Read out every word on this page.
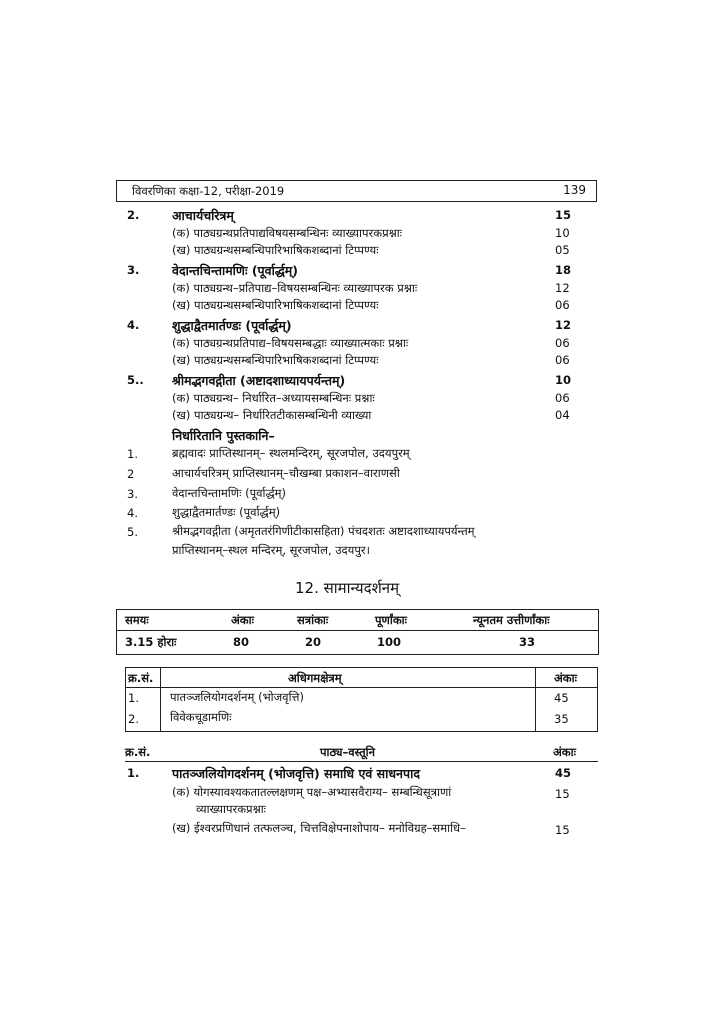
विवरणिका कक्षा-12, परीक्षा-2019	139
2.	आचार्यचरित्रम्	15
(क) पाठ्यग्रन्थप्रतिपाद्यविषयसम्बन्धिनः व्याख्यापरकप्रश्नाः	10
(ख) पाठ्यग्रन्थसम्बन्धिपारिभाषिकशब्दानां टिप्पण्यः	05
3.	वेदान्तचिन्तामणिः (पूर्वार्द्धम्)	18
(क) पाठ्यग्रन्थ–प्रतिपाद्य–विषयसम्बन्धिनः व्याख्यापरक प्रश्नाः	12
(ख) पाठ्यग्रन्थसम्बन्धिपारिभाषिकशब्दानां टिप्पण्यः	06
4.	शुद्धाद्वैतमार्तण्डः (पूर्वार्द्धम्)	12
(क) पाठ्यग्रन्थप्रतिपाद्य–विषयसम्बद्धाः व्याख्यात्मकाः प्रश्नाः	06
(ख) पाठ्यग्रन्थसम्बन्धिपारिभाषिकशब्दानां टिप्पण्यः	06
5.. श्रीमद्भगवद्गीता (अष्टादशाध्यायपर्यन्तम्)	10
(क) पाठ्यग्रन्थ– निर्धारित–अध्यायसम्बन्धिनः प्रश्नाः	06
(ख) पाठ्यग्रन्थ– निर्धारितटीकासम्बन्धिनी व्याख्या	04
निर्धारितानि पुस्तकानि–
1.	ब्रह्मवादः प्राप्तिस्थानम्– स्थलमन्दिरम्, सूरजपोल, उदयपुरम्
2	आचार्यचरित्रम् प्राप्तिस्थानम्–चौखम्बा प्रकाशन–वाराणसी
3.	वेदान्तचिन्तामणिः (पूर्वार्द्धम्)
4.	शुद्धाद्वैतमार्तण्डः (पूर्वार्द्धम्)
5.	श्रीमद्भगवद्गीता (अमृततरंगिणीटीकासहिता) पंचदशतः अष्टादशाध्यायपर्यन्तम्
प्राप्तिस्थानम्–स्थल मन्दिरम्, सूरजपोल, उदयपुर।
12. सामान्यदर्शनम्
समयः	अंकाः	सत्रांकाः	पूर्णांकाः	न्यूनतम उत्तीर्णांकाः
3.15 होराः	80	20	100	33
क्र.सं.	अधिगमक्षेत्रम्	अंकाः
1.	पातञ्जलियोगदर्शनम् (भोजवृत्ति)	45
2.	विवेकचूडामणिः	35
क्र.सं.	पाठ्य–वस्तूनि	अंकाः
1.	पातञ्जलियोगदर्शनम् (भोजवृत्ति) समाधि एवं साधनपाद	45
(क) योगस्यावश्यकतातल्लक्षणम् पक्ष–अभ्यासवैराग्य– सम्बन्धिसूत्राणां	15
व्याख्यापरकप्रश्नाः
(ख) ईश्वरप्रणिधानं तत्फलञ्च, चित्तविक्षेपनाशोपाय– मनोविग्रह–समाधि–	15
